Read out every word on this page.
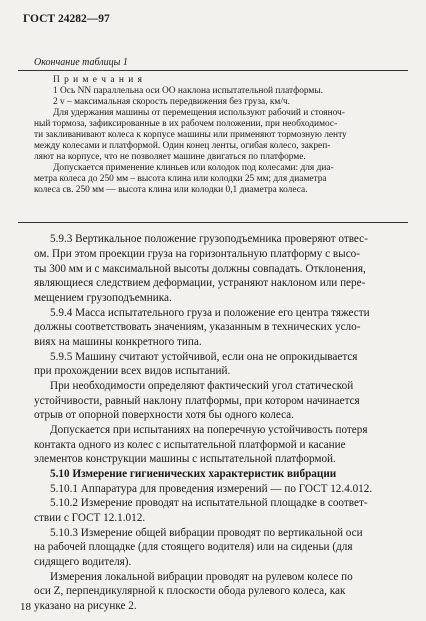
ГОСТ 24282—97
Окончание таблицы 1
П р и м е ч а н и я
1 Ось NN параллельна оси OO наклона испытательной платформы.
2 v – максимальная скорость передвижения без груза, км/ч.
Для удержания машины от перемещения используют рабочий и стояноч-
ный тормоза, зафиксированные в их рабочем положении, при необходимос-
ти закливанивают колеса к корпусе машины или применяют тормозную ленту
между колесами и платформой. Один конец ленты, огибая колесо, закреп-
ляют на корпусе, что не позволяет машине двигаться по платформе.
Допускается применение клиньев или колодок под колесами: для диа-
метра колеса до 250 мм – высота клина или колодки 25 мм; для диаметра
колеса св. 250 мм — высота клина или колодки 0,1 диаметра колеса.
5.9.3 Вертикальное положение грузоподъемника проверяют отвес-
ом. При этом проекции груза на горизонтальную платформу с высо-
ты 300 мм и с максимальной высоты должны совпадать. Отклонения,
являющиеся следствием деформации, устраняют наклоном или пере-
мещением грузоподъемника.
5.9.4 Масса испытательного груза и положение его центра тяжести
должны соответствовать значениям, указанным в технических усло-
виях на машины конкретного типа.
5.9.5 Машину считают устойчивой, если она не опрокидывается
при прохождении всех видов испытаний.
При необходимости определяют фактический угол статической
устойчивости, равный наклону платформы, при котором начинается
отрыв от опорной поверхности хотя бы одного колеса.
Допускается при испытаниях на поперечную устойчивость потеря
контакта одного из колес с испытательной платформой и касание
элементов конструкции машины с испытательной платформой.
5.10 Измерение гигиенических характеристик вибрации
5.10.1 Аппаратура для проведения измерений — по ГОСТ 12.4.012.
5.10.2 Измерение проводят на испытательной площадке в соответ-
ствии с ГОСТ 12.1.012.
5.10.3 Измерение общей вибрации проводят по вертикальной оси
на рабочей площадке (для стоящего водителя) или на сиденьи (для
сидящего водителя).
Измерения локальной вибрации проводят на рулевом колесе по
оси Z, перпендикулярной к плоскости обода рулевого колеса, как
указано на рисунке 2.
18
